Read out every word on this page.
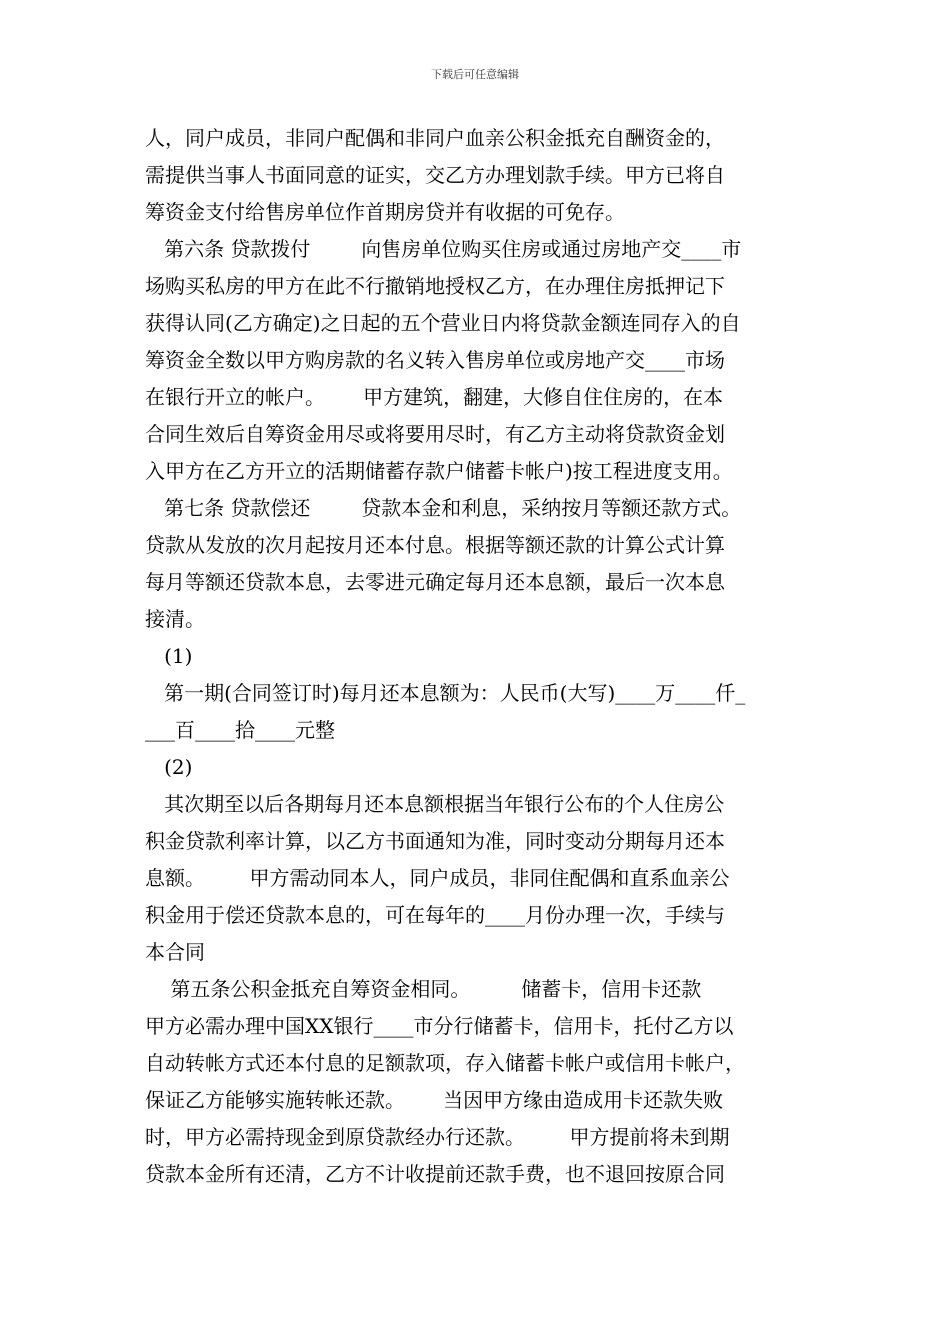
下载后可任意编辑
人，同户成员，非同户配偶和非同户血亲公积金抵充自酬资金的，
需提供当事人书面同意的证实，交乙方办理划款手续。甲方已将自
筹资金支付给售房单位作首期房贷并有收据的可免存。
第六条 贷款拨付        向售房单位购买住房或通过房地产交____市
场购买私房的甲方在此不行撤销地授权乙方，在办理住房抵押记下
获得认同(乙方确定)之日起的五个营业日内将贷款金额连同存入的自
筹资金全数以甲方购房款的名义转入售房单位或房地产交____市场
在银行开立的帐户。      甲方建筑，翻建，大修自住住房的，在本
合同生效后自筹资金用尽或将要用尽时，有乙方主动将贷款资金划
入甲方在乙方开立的活期储蓄存款户储蓄卡帐户)按工程进度支用。
第七条 贷款偿还        贷款本金和利息，采纳按月等额还款方式。
贷款从发放的次月起按月还本付息。根据等额还款的计算公式计算
每月等额还贷款本息，去零进元确定每月还本息额，最后一次本息
接清。
(1)
第一期(合同签订时)每月还本息额为：人民币(大写)____万____仟_
___百____拾____元整
(2)
其次期至以后各期每月还本息额根据当年银行公布的个人住房公
积金贷款利率计算，以乙方书面通知为准，同时变动分期每月还本
息额。       甲方需动同本人，同户成员，非同住配偶和直系血亲公
积金用于偿还贷款本息的，可在每年的____月份办理一次，手续与
本合同
第五条公积金抵充自筹资金相同。        储蓄卡，信用卡还款
甲方必需办理中国XX银行____市分行储蓄卡，信用卡，托付乙方以
自动转帐方式还本付息的足额款项，存入储蓄卡帐户或信用卡帐户，
保证乙方能够实施转帐还款。      当因甲方缘由造成用卡还款失败
时，甲方必需持现金到原贷款经办行还款。       甲方提前将未到期
贷款本金所有还清，乙方不计收提前还款手费，也不退回按原合同
